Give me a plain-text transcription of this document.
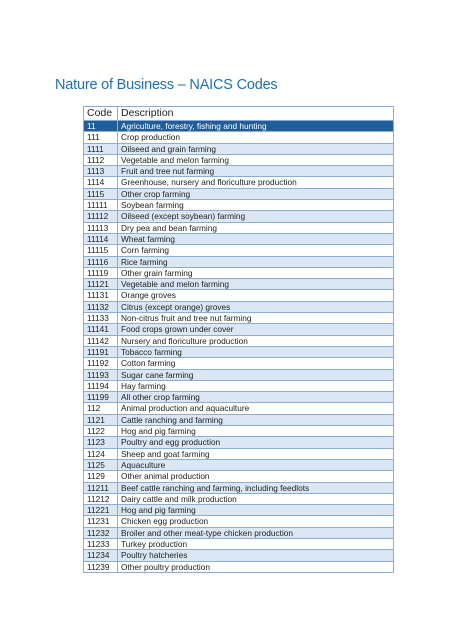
Nature of Business – NAICS Codes
Code	Description
11	Agriculture, forestry, fishing and hunting
111	Crop production
1111	Oilseed and grain farming
1112	Vegetable and melon farming
1113	Fruit and tree nut farming
1114	Greenhouse, nursery and floriculture production
1115	Other crop farming
11111	Soybean farming
11112	Oilseed (except soybean) farming
11113	Dry pea and bean farming
11114	Wheat farming
11115	Corn farming
11116	Rice farming
11119	Other grain farming
11121	Vegetable and melon farming
11131	Orange groves
11132	Citrus (except orange) groves
11133	Non-citrus fruit and tree nut farming
11141	Food crops grown under cover
11142	Nursery and floriculture production
11191	Tobacco farming
11192	Cotton farming
11193	Sugar cane farming
11194	Hay farming
11199	All other crop farming
112	Animal production and aquaculture
1121	Cattle ranching and farming
1122	Hog and pig farming
1123	Poultry and egg production
1124	Sheep and goat farming
1125	Aquaculture
1129	Other animal production
11211	Beef cattle ranching and farming, including feedlots
11212	Dairy cattle and milk production
11221	Hog and pig farming
11231	Chicken egg production
11232	Broiler and other meat-type chicken production
11233	Turkey production
11234	Poultry hatcheries
11239	Other poultry production
